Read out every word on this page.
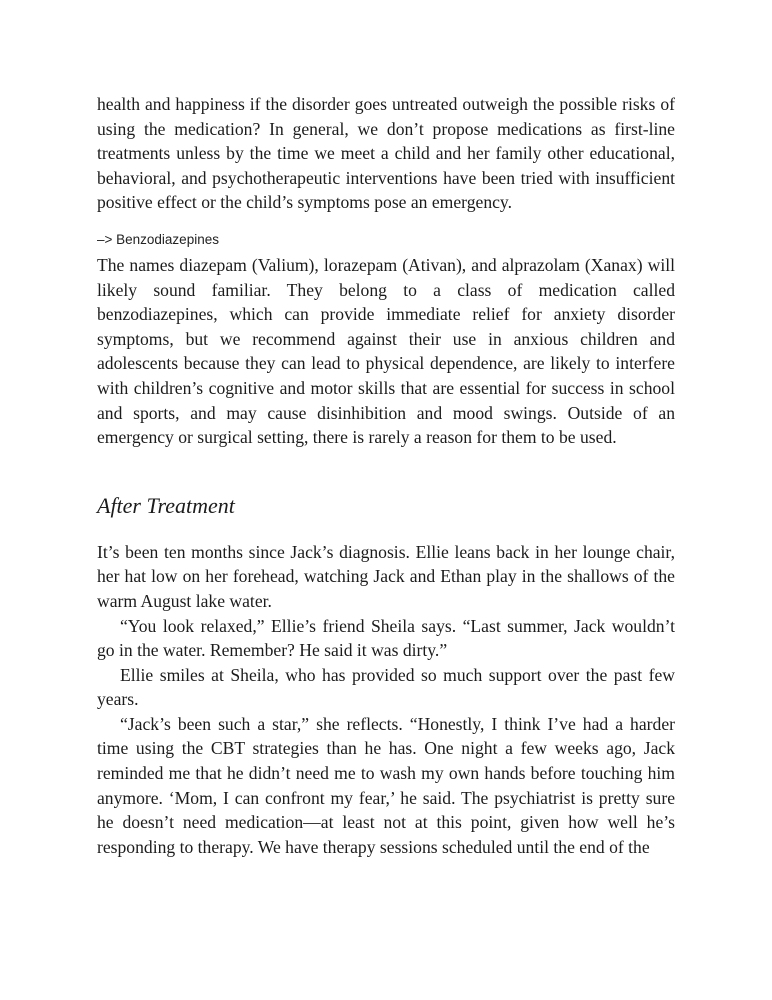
health and happiness if the disorder goes untreated outweigh the possible risks of using the medication? In general, we don’t propose medications as first-line treatments unless by the time we meet a child and her family other educational, behavioral, and psychotherapeutic interventions have been tried with insufficient positive effect or the child’s symptoms pose an emergency.

–> Benzodiazepines

The names diazepam (Valium), lorazepam (Ativan), and alprazolam (Xanax) will likely sound familiar. They belong to a class of medication called benzodiazepines, which can provide immediate relief for anxiety disorder symptoms, but we recommend against their use in anxious children and adolescents because they can lead to physical dependence, are likely to interfere with children’s cognitive and motor skills that are essential for success in school and sports, and may cause disinhibition and mood swings. Outside of an emergency or surgical setting, there is rarely a reason for them to be used.

After Treatment

It’s been ten months since Jack’s diagnosis. Ellie leans back in her lounge chair, her hat low on her forehead, watching Jack and Ethan play in the shallows of the warm August lake water.

“You look relaxed,” Ellie’s friend Sheila says. “Last summer, Jack wouldn’t go in the water. Remember? He said it was dirty.”

Ellie smiles at Sheila, who has provided so much support over the past few years.

“Jack’s been such a star,” she reflects. “Honestly, I think I’ve had a harder time using the CBT strategies than he has. One night a few weeks ago, Jack reminded me that he didn’t need me to wash my own hands before touching him anymore. ‘Mom, I can confront my fear,’ he said. The psychiatrist is pretty sure he doesn’t need medication—at least not at this point, given how well he’s responding to therapy. We have therapy sessions scheduled until the end of the
